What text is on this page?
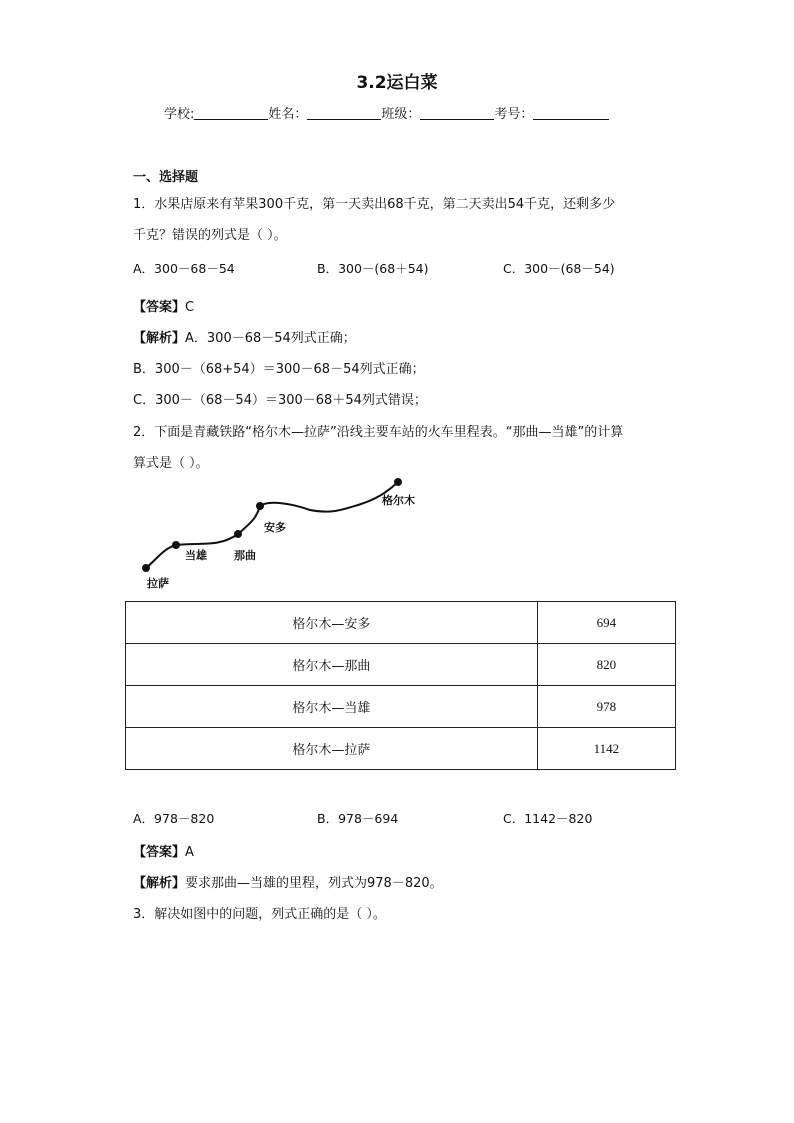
3.2运白菜
学校:	姓名：	班级：	考号：
一、选择题
1．水果店原来有苹果300千克，第一天卖出68千克，第二天卖出54千克，还剩多少
千克？错误的列式是（ ）。
A．300－68－54	B．300－(68＋54)	C．300－(68－54)
【答案】C
【解析】A．300－68－54列式正确；
B．300－（68+54）＝300－68－54列式正确；
C．300－（68－54）＝300－68＋54列式错误；
2．下面是青藏铁路“格尔木—拉萨”沿线主要车站的火车里程表。“那曲—当雄”的计算
算式是（ ）。
格尔木
安多
那曲
当雄
拉萨
格尔木—安多	694
格尔木—那曲	820
格尔木—当雄	978
格尔木—拉萨	1142
A．978－820	B．978－694	C．1142－820
【答案】A
【解析】要求那曲—当雄的里程，列式为978－820。
3．解决如图中的问题，列式正确的是（ ）。
